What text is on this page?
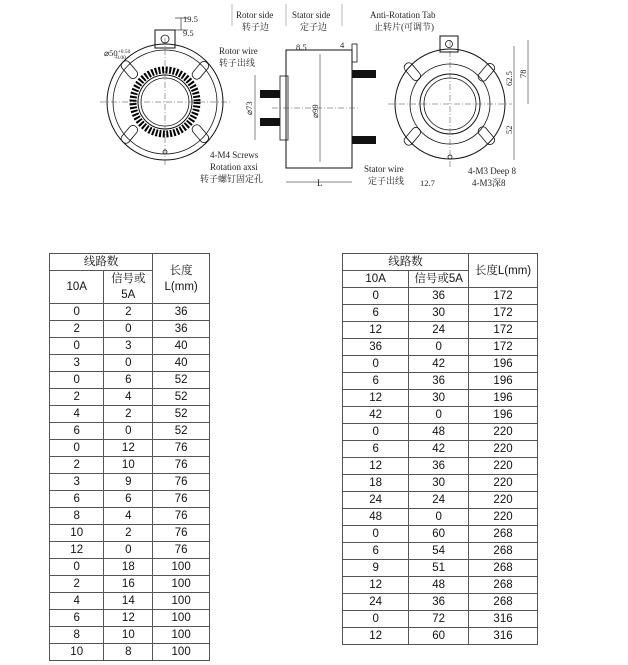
19.5
9.5
$⌀50^{+0.50}$ -0.00
8.5	4
⌀73	⌀99
L
Rotor side
转子边
Stator side
定子边
Rotor wire
转子出线
4-M4 Screws
Rotation axsi
转子螺钉固定孔
Stator wire
定子出线
Anti-Rotation Tab
止转片(可调节)
62.5 78
52
12.7
4-M3 Deep 8
4-M3深8
线路数		长度L(mm)
10A	信号或5A	
0	2	36
2	0	36
0	3	40
3	0	40
0	6	52
2	4	52
4	2	52
6	0	52
0	12	76
2	10	76
3	9	76
6	6	76
8	4	76
10	2	76
12	0	76
0	18	100
2	16	100
4	14	100
6	12	100
8	10	100
10	8	100
线路数		长度L(mm)
10A	信号或5A	
0	36	172
6	30	172
12	24	172
36	0	172
0	42	196
6	36	196
12	30	196
42	0	196
0	48	220
6	42	220
12	36	220
18	30	220
24	24	220
48	0	220
0	60	268
6	54	268
9	51	268
12	48	268
24	36	268
0	72	316
12	60	316
